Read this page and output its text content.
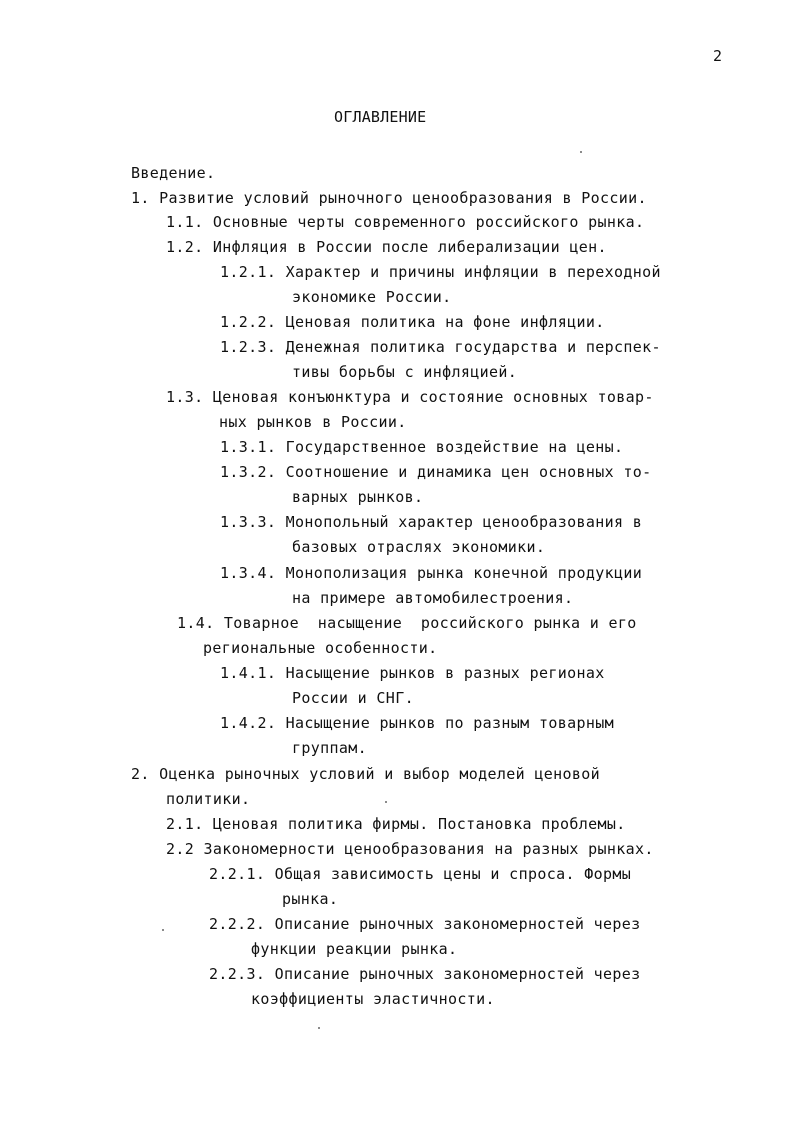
2

ОГЛАВЛЕНИЕ

Введение.

1. Развитие условий рыночного ценообразования в России.

1.1. Основные черты современного российского рынка.

1.2. Инфляция в России после либерализации цен.

1.2.1. Характер и причины инфляции в переходной

экономике России.

1.2.2. Ценовая политика на фоне инфляции.

1.2.3. Денежная политика государства и перспек-

тивы борьбы с инфляцией.

1.3. Ценовая конъюнктура и состояние основных товар-

ных рынков в России.

1.3.1. Государственное воздействие на цены.

1.3.2. Соотношение и динамика цен основных то-

варных рынков.

1.3.3. Монопольный характер ценообразования в

базовых отраслях экономики.

1.3.4. Монополизация рынка конечной продукции

на примере автомобилестроения.

1.4. Товарное  насыщение  российского рынка и его

региональные особенности.

1.4.1. Насыщение рынков в разных регионах

России и СНГ.

1.4.2. Насыщение рынков по разным товарным

группам.

2. Оценка рыночных условий и выбор моделей ценовой

политики.

2.1. Ценовая политика фирмы. Постановка проблемы.

2.2 Закономерности ценообразования на разных рынках.

2.2.1. Общая зависимость цены и спроса. Формы

рынка.

2.2.2. Описание рыночных закономерностей через

функции реакции рынка.

2.2.3. Описание рыночных закономерностей через

коэффициенты эластичности.
